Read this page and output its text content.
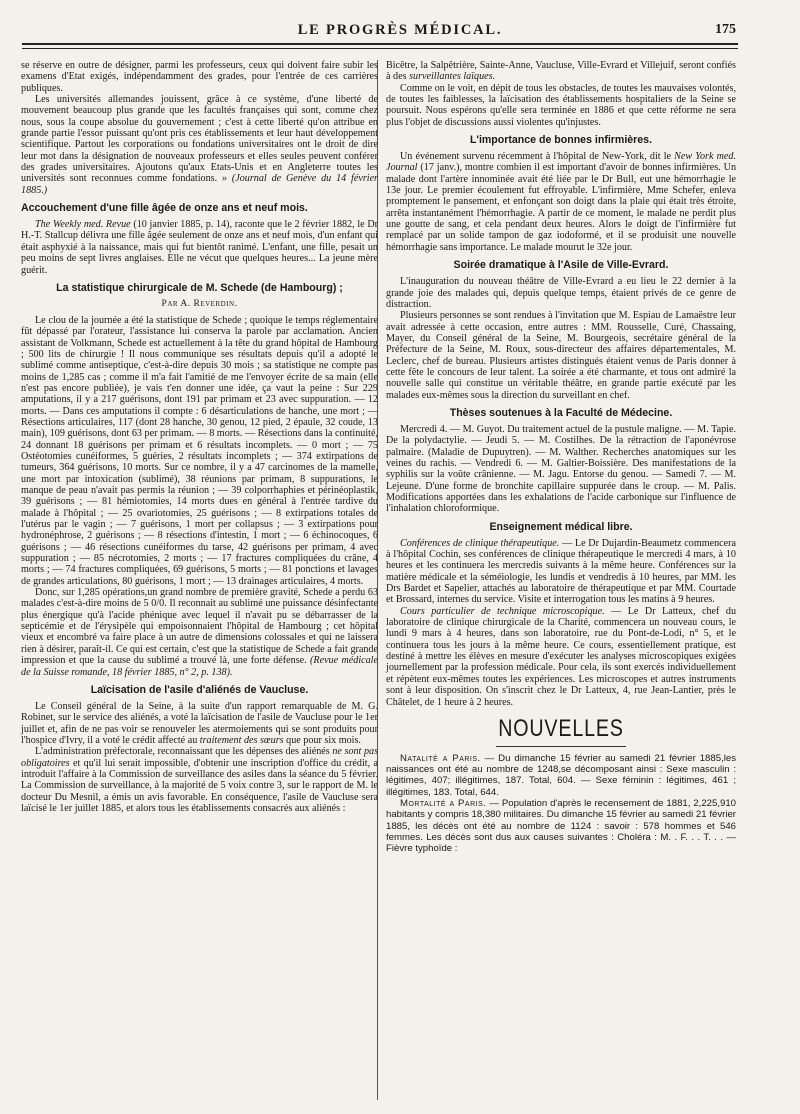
LE PROGRÈS MÉDICAL.	175

se réserve en outre de désigner, parmi les professeurs, ceux qui doivent faire subir les examens d'Etat exigés, indépendamment des grades, pour l'entrée de ces carrières publiques.

Les universités allemandes jouissent, grâce à ce système, d'une liberté de mouvement beaucoup plus grande que les facultés françaises qui sont, comme chez nous, sous la coupe absolue du gouvernement ; c'est à cette liberté qu'on attribue en grande partie l'essor puissant qu'ont pris ces établissements et leur haut développement scientifique. Partout les corporations ou fondations universitaires ont le droit de dire leur mot dans la désignation de nouveaux professeurs et elles seules peuvent conférer des grades universitaires. Ajoutons qu'aux Etats-Unis et en Angleterre toutes les universités sont reconnues comme fondations. » (Journal de Genève du 14 février 1885.)

Accouchement d'une fille âgée de onze ans et neuf mois.

The Weekly med. Revue (10 janvier 1885, p. 14), raconte que le 2 février 1882, le Dr H.-T. Stallcup délivra une fille âgée seulement de onze ans et neuf mois, d'un enfant qui était asphyxié à la naissance, mais qui fut bientôt ranimé. L'enfant, une fille, pesait un peu moins de sept livres anglaises. Elle ne vécut que quelques heures... La jeune mère guérit.

La statistique chirurgicale de M. Schede (de Hambourg) ;
Par A. Reverdin.

Le clou de la journée a été la statistique de Schede ; quoique le temps réglementaire fût dépassé par l'orateur, l'assistance lui conserva la parole par acclamation. Ancien assistant de Volkmann, Schede est actuellement à la tête du grand hôpital de Hambourg ; 500 lits de chirurgie ! Il nous communique ses résultats depuis qu'il a adopté le sublimé comme antiseptique, c'est-à-dire depuis 30 mois ; sa statistique ne compte pas moins de 1,285 cas ; comme il m'a fait l'amitié de me l'envoyer écrite de sa main (elle n'est pas encore publiée), je vais t'en donner une idée, ça vaut la peine : Sur 229 amputations, il y a 217 guérisons, dont 191 par primam et 23 avec suppuration. — 12 morts. — Dans ces amputations il compte : 6 désarticulations de hanche, une mort ; — Résections articulaires, 117 (dont 28 hanche, 30 genou, 12 pied, 2 épaule, 32 coude, 13 main), 109 guérisons, dont 63 per primam. — 8 morts. — Résections dans la continuité, 24 donnant 18 guérisons per primam et 6 résultats incomplets. — 0 mort ; — 75 Ostéotomies cunéiformes, 5 guéries, 2 résultats incomplets ; — 374 extirpations de tumeurs, 364 guérisons, 10 morts. Sur ce nombre, il y a 47 carcinomes de la mamelle, une mort par intoxication (sublimé), 38 réunions par primam, 8 suppurations, le manque de peau n'avait pas permis la réunion ; — 39 colporrhaphies et périnéoplastik, 39 guérisons ; — 81 hémiotomies, 14 morts dues en général à l'entrée tardive du malade à l'hôpital ; — 25 ovariotomies, 25 guérisons ; — 8 extirpations totales de l'utérus par le vagin ; — 7 guérisons, 1 mort per collapsus ; — 3 extirpations pour hydronéphrose, 2 guérisons ; — 8 résections d'intestin, 1 mort ; — 6 échinocoques, 6 guérisons ; — 46 résections cunéiformes du tarse, 42 guérisons per primam, 4 avec suppuration ; — 85 nécrotomies, 2 morts ; — 17 fractures compliquées du crâne, 4 morts ; — 74 fractures compliquées, 69 guérisons, 5 morts ; — 81 ponctions et lavages de grandes articulations, 80 guérisons, 1 mort ; — 13 drainages articulaires, 4 morts.

Donc, sur 1,285 opérations,un grand nombre de première gravité, Schede a perdu 63 malades c'est-à-dire moins de 5 0/0. Il reconnait au sublimé une puissance désinfectante plus énergique qu'à l'acide phénique avec lequel il n'avait pu se débarrasser de la septicémie et de l'érysipèle qui empoisonnaient l'hôpital de Hambourg ; cet hôpital vieux et encombré va faire place à un autre de dimensions colossales et qui ne laissera rien à désirer, paraît-il. Ce qui est certain, c'est que la statistique de Schede a fait grande impression et que la cause du sublimé a trouvé là, une forte défense. (Revue médicale de la Suisse romande, 18 février 1885, n° 2, p. 138).

Laïcisation de l'asile d'aliénés de Vaucluse.

Le Conseil général de la Seine, à la suite d'un rapport remarquable de M. G. Robinet, sur le service des aliénés, a voté la laïcisation de l'asile de Vaucluse pour le 1er juillet et, afin de ne pas voir se renouveler les atermoiements qui se sont produits pour l'hospice d'Ivry, il a voté le crédit affecté au traitement des sœurs que pour six mois.

L'administration préfectorale, reconnaissant que les dépenses des aliénés ne sont pas obligatoires et qu'il lui serait impossible, d'obtenir une inscription d'office du crédit, a introduit l'affaire à la Commission de surveillance des asiles dans la séance du 5 février. La Commission de surveillance, à la majorité de 5 voix contre 3, sur le rapport de M. le docteur Du Mesnil, a émis un avis favorable. En conséquence, l'asile de Vaucluse sera laïcisé le 1er juillet 1885, et alors tous les établissements consacrés aux aliénés :

Bicêtre, la Salpêtrière, Sainte-Anne, Vaucluse, Ville-Evrard et Villejuif, seront confiés à des surveillantes laïques.

Comme on le voit, en dépit de tous les obstacles, de toutes les mauvaises volontés, de toutes les faiblesses, la laïcisation des établissements hospitaliers de la Seine se poursuit. Nous espérons qu'elle sera terminée en 1886 et que cette réforme ne sera plus l'objet de discussions aussi violentes qu'injustes.

L'importance de bonnes infirmières.

Un événement survenu récemment à l'hôpital de New-York, dit le New York med. Journal (17 janv.), montre combien il est important d'avoir de bonnes infirmières. Un malade dont l'artère innominée avait été liée par le Dr Bull, eut une hémorrhagie le 13e jour. Le premier écoulement fut effroyable. L'infirmière, Mme Schefer, enleva promptement le pansement, et enfonçant son doigt dans la plaie qui était très étroite, arrêta instantanément l'hémorrhagie. A partir de ce moment, le malade ne perdit plus une goutte de sang, et cela pendant deux heures. Alors le doigt de l'infirmière fut remplacé par un solide tampon de gaz iodoformé, et il se produisit une nouvelle hémorrhagie sans importance. Le malade mourut le 32e jour.

Soirée dramatique à l'Asile de Ville-Evrard.

L'inauguration du nouveau théâtre de Ville-Evrard a eu lieu le 22 dernier à la grande joie des malades qui, depuis quelque temps, étaient privés de ce genre de distraction.

Plusieurs personnes se sont rendues à l'invitation que M. Espiau de Lamaëstre leur avait adressée à cette occasion, entre autres : MM. Rousselle, Curé, Chassaing, Mayer, du Conseil général de la Seine, M. Bourgeois, secrétaire général de la Préfecture de la Seine, M. Roux, sous-directeur des affaires départementales, M. Leclerc, chef de bureau. Plusieurs artistes distingués étaient venus de Paris donner à cette fête le concours de leur talent. La soirée a été charmante, et tous ont admiré la nouvelle salle qui constitue un véritable théâtre, en grande partie exécuté par les malades eux-mêmes sous la direction du surveillant en chef.

Thèses soutenues à la Faculté de Médecine.

Mercredi 4. — M. Guyot. Du traitement actuel de la pustule maligne. — M. Tapie. De la polydactylie. — Jeudi 5. — M. Costilhes. De la rétraction de l'aponévrose palmaire. (Maladie de Dupuytren). — M. Walther. Recherches anatomiques sur les veines du rachis. — Vendredi 6. — M. Galtier-Boissière. Des manifestations de la syphilis sur la voûte crânienne. — M. Jagu. Entorse du genou. — Samedi 7. — M. Lejeune. D'une forme de bronchite capillaire suppurée dans le croup. — M. Palis. Modifications apportées dans les exhalations de l'acide carbonique sur l'influence de l'inhalation chloroformique.

Enseignement médical libre.

Conférences de clinique thérapeutique. — Le Dr Dujardin-Beaumetz commencera à l'hôpital Cochin, ses conférences de clinique thérapeutique le mercredi 4 mars, à 10 heures et les continuera les mercredis suivants à la même heure. Conférences sur la matière médicale et la séméiologie, les lundis et vendredis à 10 heures, par MM. les Drs Bardet et Sapelier, attachés au laboratoire de thérapeutique et par MM. Courtade et Brossard, internes du service. Visite et interrogation tous les matins à 9 heures.

Cours particulier de technique microscopique. — Le Dr Latteux, chef du laboratoire de clinique chirurgicale de la Charité, commencera un nouveau cours, le lundi 9 mars à 4 heures, dans son laboratoire, rue du Pont-de-Lodi, n° 5, et le continuera tous les jours à la même heure. Ce cours, essentiellement pratique, est destiné à mettre les élèves en mesure d'exécuter les analyses microscopiques exigées journellement par la profession médicale. Pour cela, ils sont exercés individuellement et répètent eux-mêmes toutes les expériences. Les microscopes et autres instruments sont à leur disposition. On s'inscrit chez le Dr Latteux, 4, rue Jean-Lantier, près le Châtelet, de 1 heure à 2 heures.

NOUVELLES

Natalité a Paris. — Du dimanche 15 février au samedi 21 février 1885,les naissances ont été au nombre de 1248,se décomposant ainsi : Sexe masculin : légitimes, 407; illégitimes, 187. Total, 604. — Sexe féminin : légitimes, 461 ; illégitimes, 183. Total, 644.

Mortalité a Paris. — Population d'après le recensement de 1881, 2,225,910 habitants y compris 18,380 militaires. Du dimanche 15 février au samedi 21 février 1885, les décès ont été au nombre de 1124 : savoir : 578 hommes et 546 femmes. Les décès sont dus aux causes suivantes : Choléra : M. . F. . . T. . . — Fièvre typhoïde :
